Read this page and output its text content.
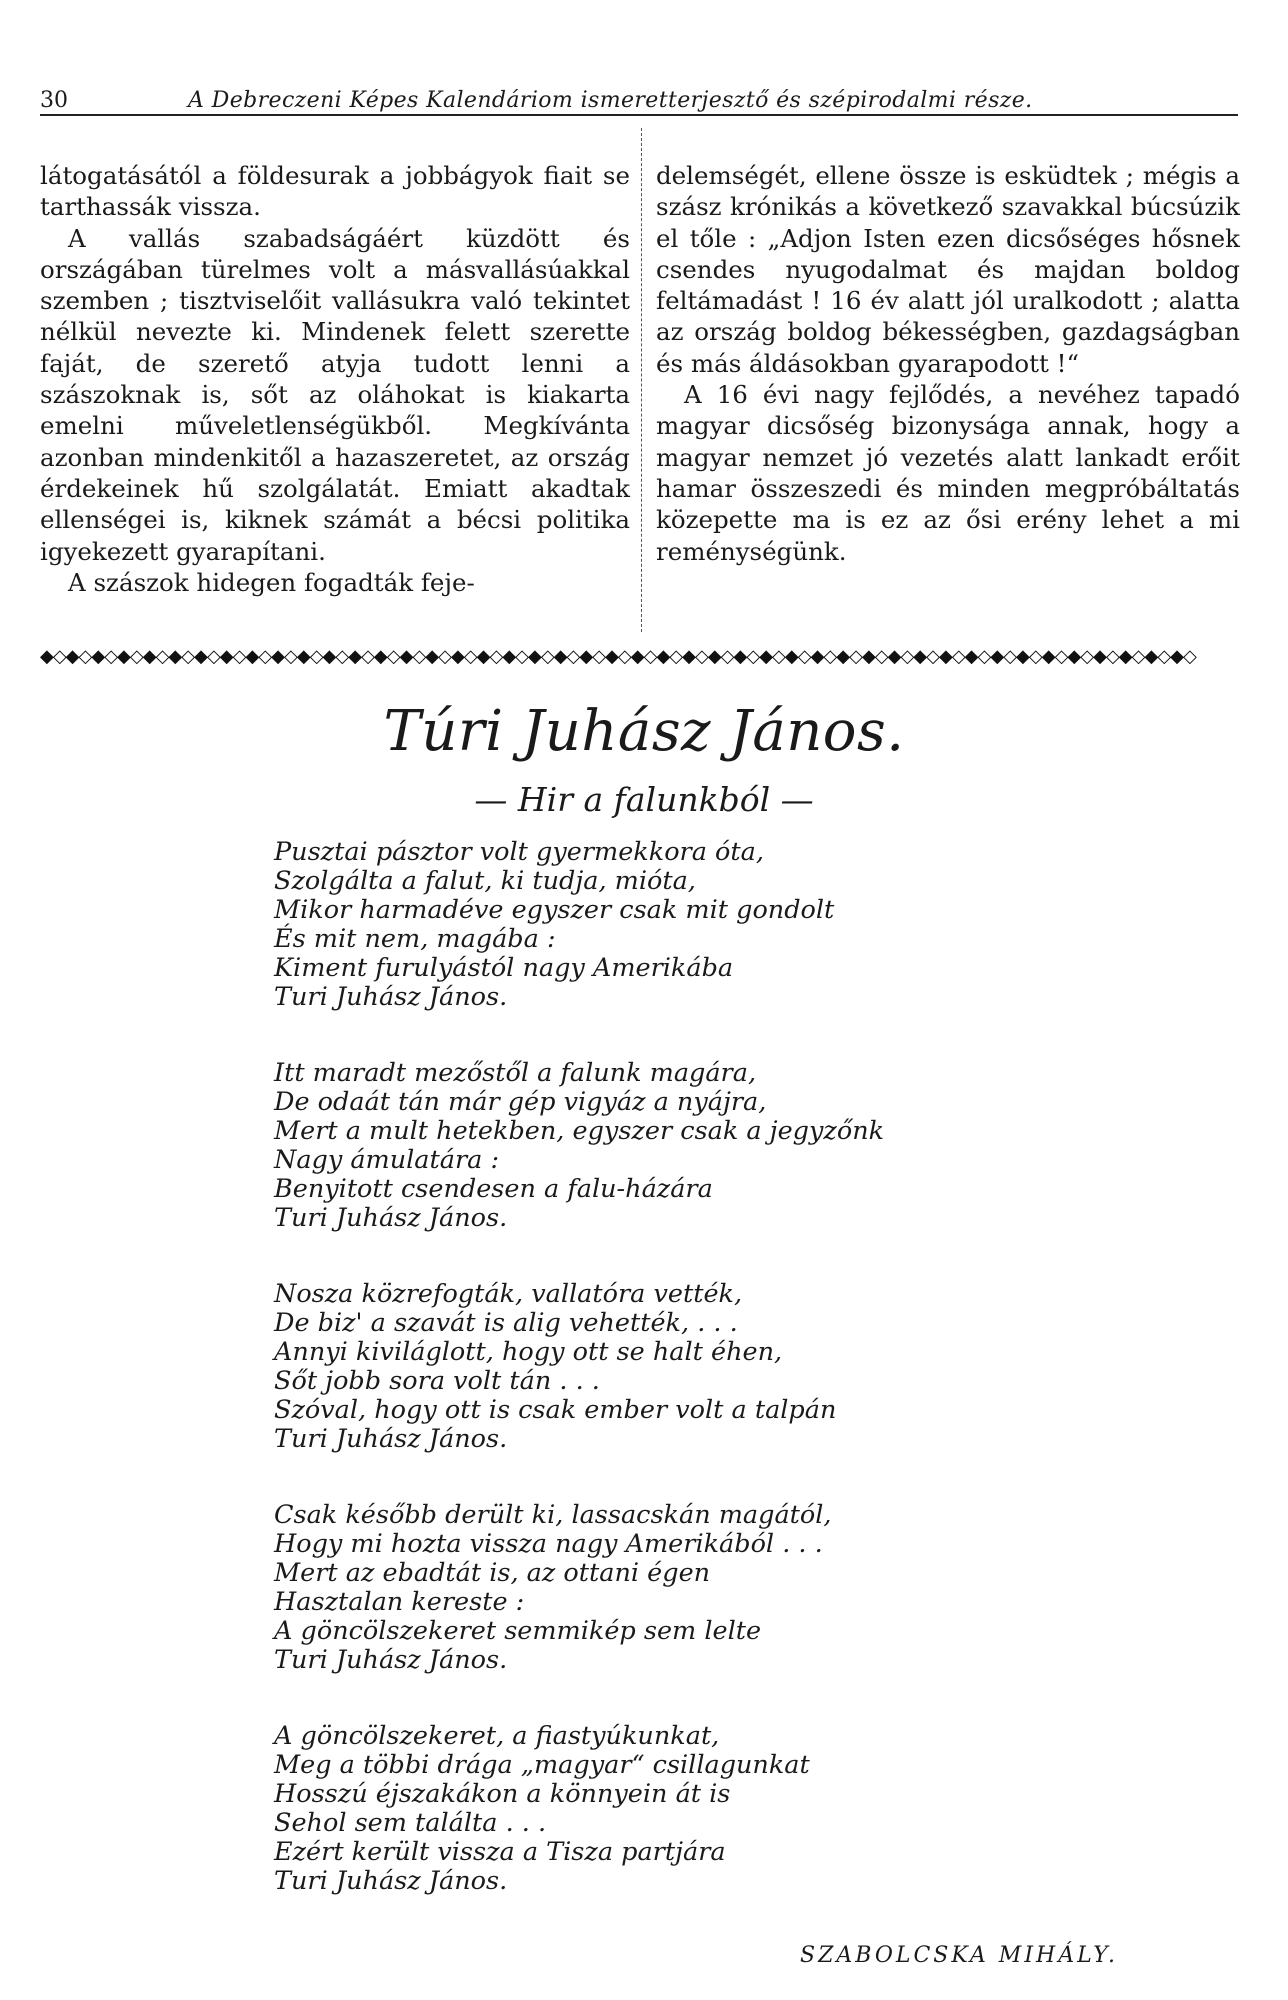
30	A Debreczeni Képes Kalendáriom ismeretterjesztő és szépirodalmi része.

látogatásától a földesurak a jobbágyok fiait se tarthassák vissza.

A vallás szabadságáért küzdött és országában türelmes volt a másvallásúakkal szemben ; tisztviselőit vallásukra való tekintet nélkül nevezte ki. Mindenek felett szerette faját, de szerető atyja tudott lenni a szászoknak is, sőt az oláhokat is kiakarta emelni műveletlenségükből. Megkívánta azonban mindenkitől a hazaszeretet, az ország érdekeinek hű szolgálatát. Emiatt akadtak ellenségei is, kiknek számát a bécsi politika igyekezett gyarapítani.

A szászok hidegen fogadták feje-

delemségét, ellene össze is esküdtek ; mégis a szász krónikás a következő szavakkal búcsúzik el tőle : „Adjon Isten ezen dicsőséges hősnek csendes nyugodalmat és majdan boldog feltámadást ! 16 év alatt jól uralkodott ; alatta az ország boldog békességben, gazdagságban és más áldásokban gyarapodott !“

A 16 évi nagy fejlődés, a nevéhez tapadó magyar dicsőség bizonysága annak, hogy a magyar nemzet jó vezetés alatt lankadt erőit hamar összeszedi és minden megpróbáltatás közepette ma is ez az ősi erény lehet a mi reménységünk.

◆◇◆◇◆◇◆◇◆◇◆◇◆◇◆◇◆◇◆◇◆◇◆◇◆◇◆◇◆◇◆◇◆◇◆◇◆◇◆◇◆◇◆◇◆◇◆◇◆◇◆◇◆◇◆◇◆◇◆◇◆◇◆◇◆◇◆◇◆◇◆◇◆◇◆◇◆◇◆◇◆◇◆◇◆◇◆◇◆◇
Túri Juhász János.
— Hir a falunkból —
Pusztai pásztor volt gyermekkora óta,
Szolgálta a falut, ki tudja, mióta,
Mikor harmadéve egyszer csak mit gondolt
És mit nem, magába :
Kiment furulyástól nagy Amerikába
Turi Juhász János.
Itt maradt mezőstől a falunk magára,
De odaát tán már gép vigyáz a nyájra,
Mert a mult hetekben, egyszer csak a jegyzőnk
Nagy ámulatára :
Benyitott csendesen a falu-házára
Turi Juhász János.
Nosza közrefogták, vallatóra vették,
De biz' a szavát is alig vehették, . . .
Annyi kiviláglott, hogy ott se halt éhen,
Sőt jobb sora volt tán . . .
Szóval, hogy ott is csak ember volt a talpán
Turi Juhász János.
Csak később derült ki, lassacskán magától,
Hogy mi hozta vissza nagy Amerikából . . .
Mert az ebadtát is, az ottani égen
Hasztalan kereste :
A göncölszekeret semmikép sem lelte
Turi Juhász János.
A göncölszekeret, a fiastyúkunkat,
Meg a többi drága „magyar“ csillagunkat
Hosszú éjszakákon a könnyein át is
Sehol sem találta . . .
Ezért került vissza a Tisza partjára
Turi Juhász János.
SZABOLCSKA MIHÁLY.
